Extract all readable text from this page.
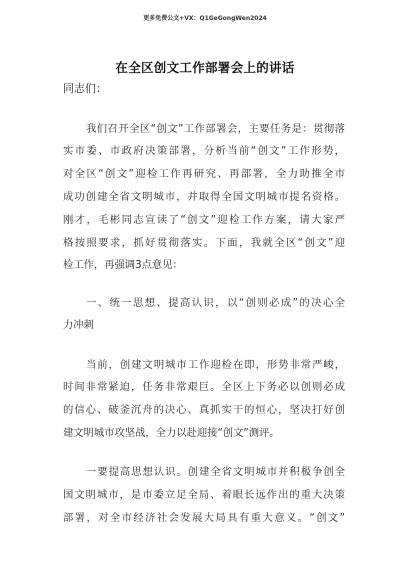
更多免费公文+VX：Q1GeGongWen2024
在全区创文工作部署会上的讲话
同志们：
我们召开全区“创文”工作部署会，主要任务是：贯彻落
实市委、市政府决策部署，分析当前“创文”工作形势，
对全区“创文”迎检工作再研究、再部署，全力助推全市
成功创建全省文明城市，并取得全国文明城市提名资格。
刚才，毛彬同志宣读了“创文”迎检工作方案，请大家严
格按照要求，抓好贯彻落实。下面，我就全区“创文”迎
检工作，再强调3点意见：
一、统一思想、提高认识，以“创则必成”的决心全
力冲刺
当前，创建文明城市工作迎检在即，形势非常严峻，
时间非常紧迫，任务非常艰巨。全区上下务必以创则必成
的信心、破釜沉舟的决心、真抓实干的恒心，坚决打好创
建文明城市攻坚战，全力以赴迎接“创文”测评。
一要提高思想认识。创建全省文明城市并积极争创全
国文明城市，是市委立足全局、着眼长远作出的重大决策
部署，对全市经济社会发展大局具有重大意义。“创文”
